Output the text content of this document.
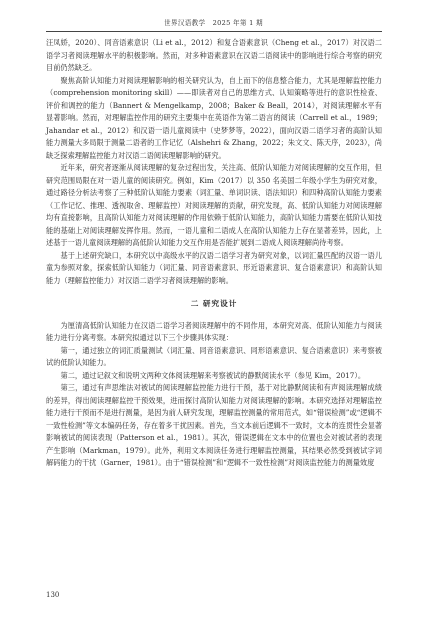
世界汉语教学 2025 年第 1 期

汪凤娇，2020）、同音语素意识（Li et al.，2012）和复合语素意识（Cheng et al.，2017）对汉语二语学习者阅读理解水平的积极影响。然而，对多种语素意识在汉语二语阅读中的影响进行综合考察的研究目前仍然缺乏。

聚焦高阶认知能力对阅读理解影响的相关研究认为，自上而下的信息整合能力，尤其是理解监控能力（comprehension monitoring skill）——即读者对自己的思维方式、认知策略等进行的意识性检查、评价和调控的能力（Bannert & Mengelkamp，2008；Baker & Beall，2014），对阅读理解水平有显著影响。然而，对理解监控作用的研究主要集中在英语作为第二语言的阅读（Carrell et al.，1989；Jahandar et al.，2012）和汉语一语儿童阅读中（史梦梦等，2022），面向汉语二语学习者的高阶认知能力测量大多局限于测量二语者的工作记忆（Alshehri & Zhang，2022；朱文文、陈天序，2023），尚缺乏探索理解监控能力对汉语二语阅读理解影响的研究。

近年来，研究者逐渐从阅读理解的复杂过程出发，关注高、低阶认知能力对阅读理解的交互作用，但研究范围局限在对一语儿童的阅读研究。例如，Kim（2017）以 350 名美国二年级小学生为研究对象，通过路径分析法考察了三种低阶认知能力要素（词汇量、单词识读、语法知识）和四种高阶认知能力要素（工作记忆、推理、透视取舍、理解监控）对阅读理解的贡献，研究发现，高、低阶认知能力对阅读理解均有直接影响，且高阶认知能力对阅读理解的作用依赖于低阶认知能力，高阶认知能力需要在低阶认知技能的基础上对阅读理解发挥作用。然而，一语儿童和二语成人在高阶认知能力上存在显著差异，因此，上述基于一语儿童阅读理解的高低阶认知能力交互作用是否能扩展到二语成人阅读理解尚待考察。

基于上述研究缺口，本研究以中高级水平的汉语二语学习者为研究对象，以词汇量匹配的汉语一语儿童为参照对象，探索低阶认知能力（词汇量、同音语素意识、形近语素意识、复合语素意识）和高阶认知能力（理解监控能力）对汉语二语学习者阅读理解的影响。

二 研究设计

为厘清高低阶认知能力在汉语二语学习者阅读理解中的不同作用，本研究对高、低阶认知能力与阅读能力进行分离考察。本研究拟通过以下三个步骤具体实现：

第一，通过独立的词汇质量测试（词汇量、同音语素意识、同形语素意识、复合语素意识）来考察被试的低阶认知能力。

第二，通过记叙文和说明文两种文体阅读理解来考察被试的静默阅读水平（参见 Kim，2017）。

第三，通过有声思维法对被试的阅读理解监控能力进行干预，基于对比静默阅读和有声阅读理解成绩的差异，得出阅读理解监控干预效果，进而探讨高阶认知能力对阅读理解的影响。本研究选择对理解监控能力进行干预而不是进行测量，是因为前人研究发现，理解监控测量的常用范式，如“错误检测”或“逻辑不一致性检测”等文本编码任务，存在着多干扰因素。首先，当文本前后逻辑不一致时，文本的连贯性会显著影响被试的阅读表现（Patterson et al.，1981）。其次，错误逻辑在文本中的位置也会对被试者的表现产生影响（Markman，1979）。此外，利用文本阅读任务进行理解监控测量，其结果必然受到被试字词解码能力的干扰（Garner，1981）。由于“错误检测”和“逻辑不一致性检测”对阅读监控能力的测量效度

130
